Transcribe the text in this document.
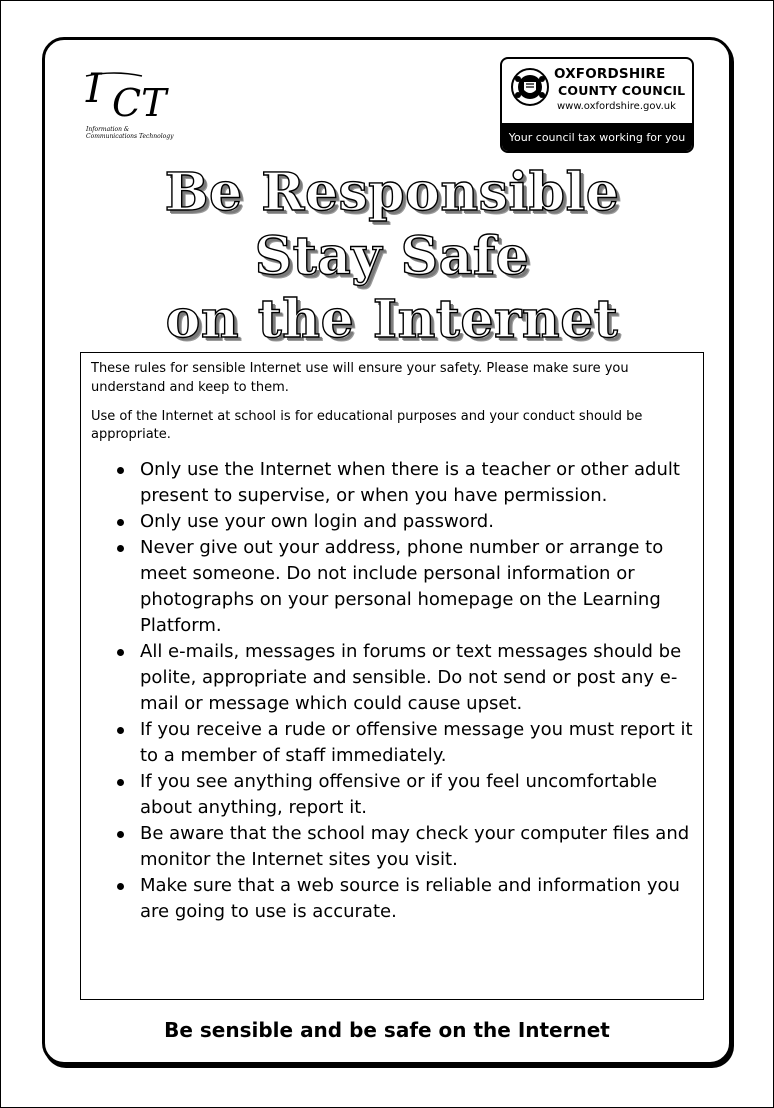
I CT
Information &
Communications Technology
OXFORDSHIRE
COUNTY COUNCIL
www.oxfordshire.gov.uk
Your council tax working for you
Be Responsible
Stay Safe
on the Internet

These rules for sensible Internet use will ensure your safety. Please make sure you understand and keep to them.

Use of the Internet at school is for educational purposes and your conduct should be appropriate.

Only use the Internet when there is a teacher or other adult present to supervise, or when you have permission.
Only use your own login and password.
Never give out your address, phone number or arrange to meet someone. Do not include personal information or photographs on your personal homepage on the Learning Platform.
All e-mails, messages in forums or text messages should be polite, appropriate and sensible. Do not send or post any e-mail or message which could cause upset.
If you receive a rude or offensive message you must report it to a member of staff immediately.
If you see anything offensive or if you feel uncomfortable about anything, report it.
Be aware that the school may check your computer files and monitor the Internet sites you visit.
Make sure that a web source is reliable and information you are going to use is accurate.
Be sensible and be safe on the Internet
